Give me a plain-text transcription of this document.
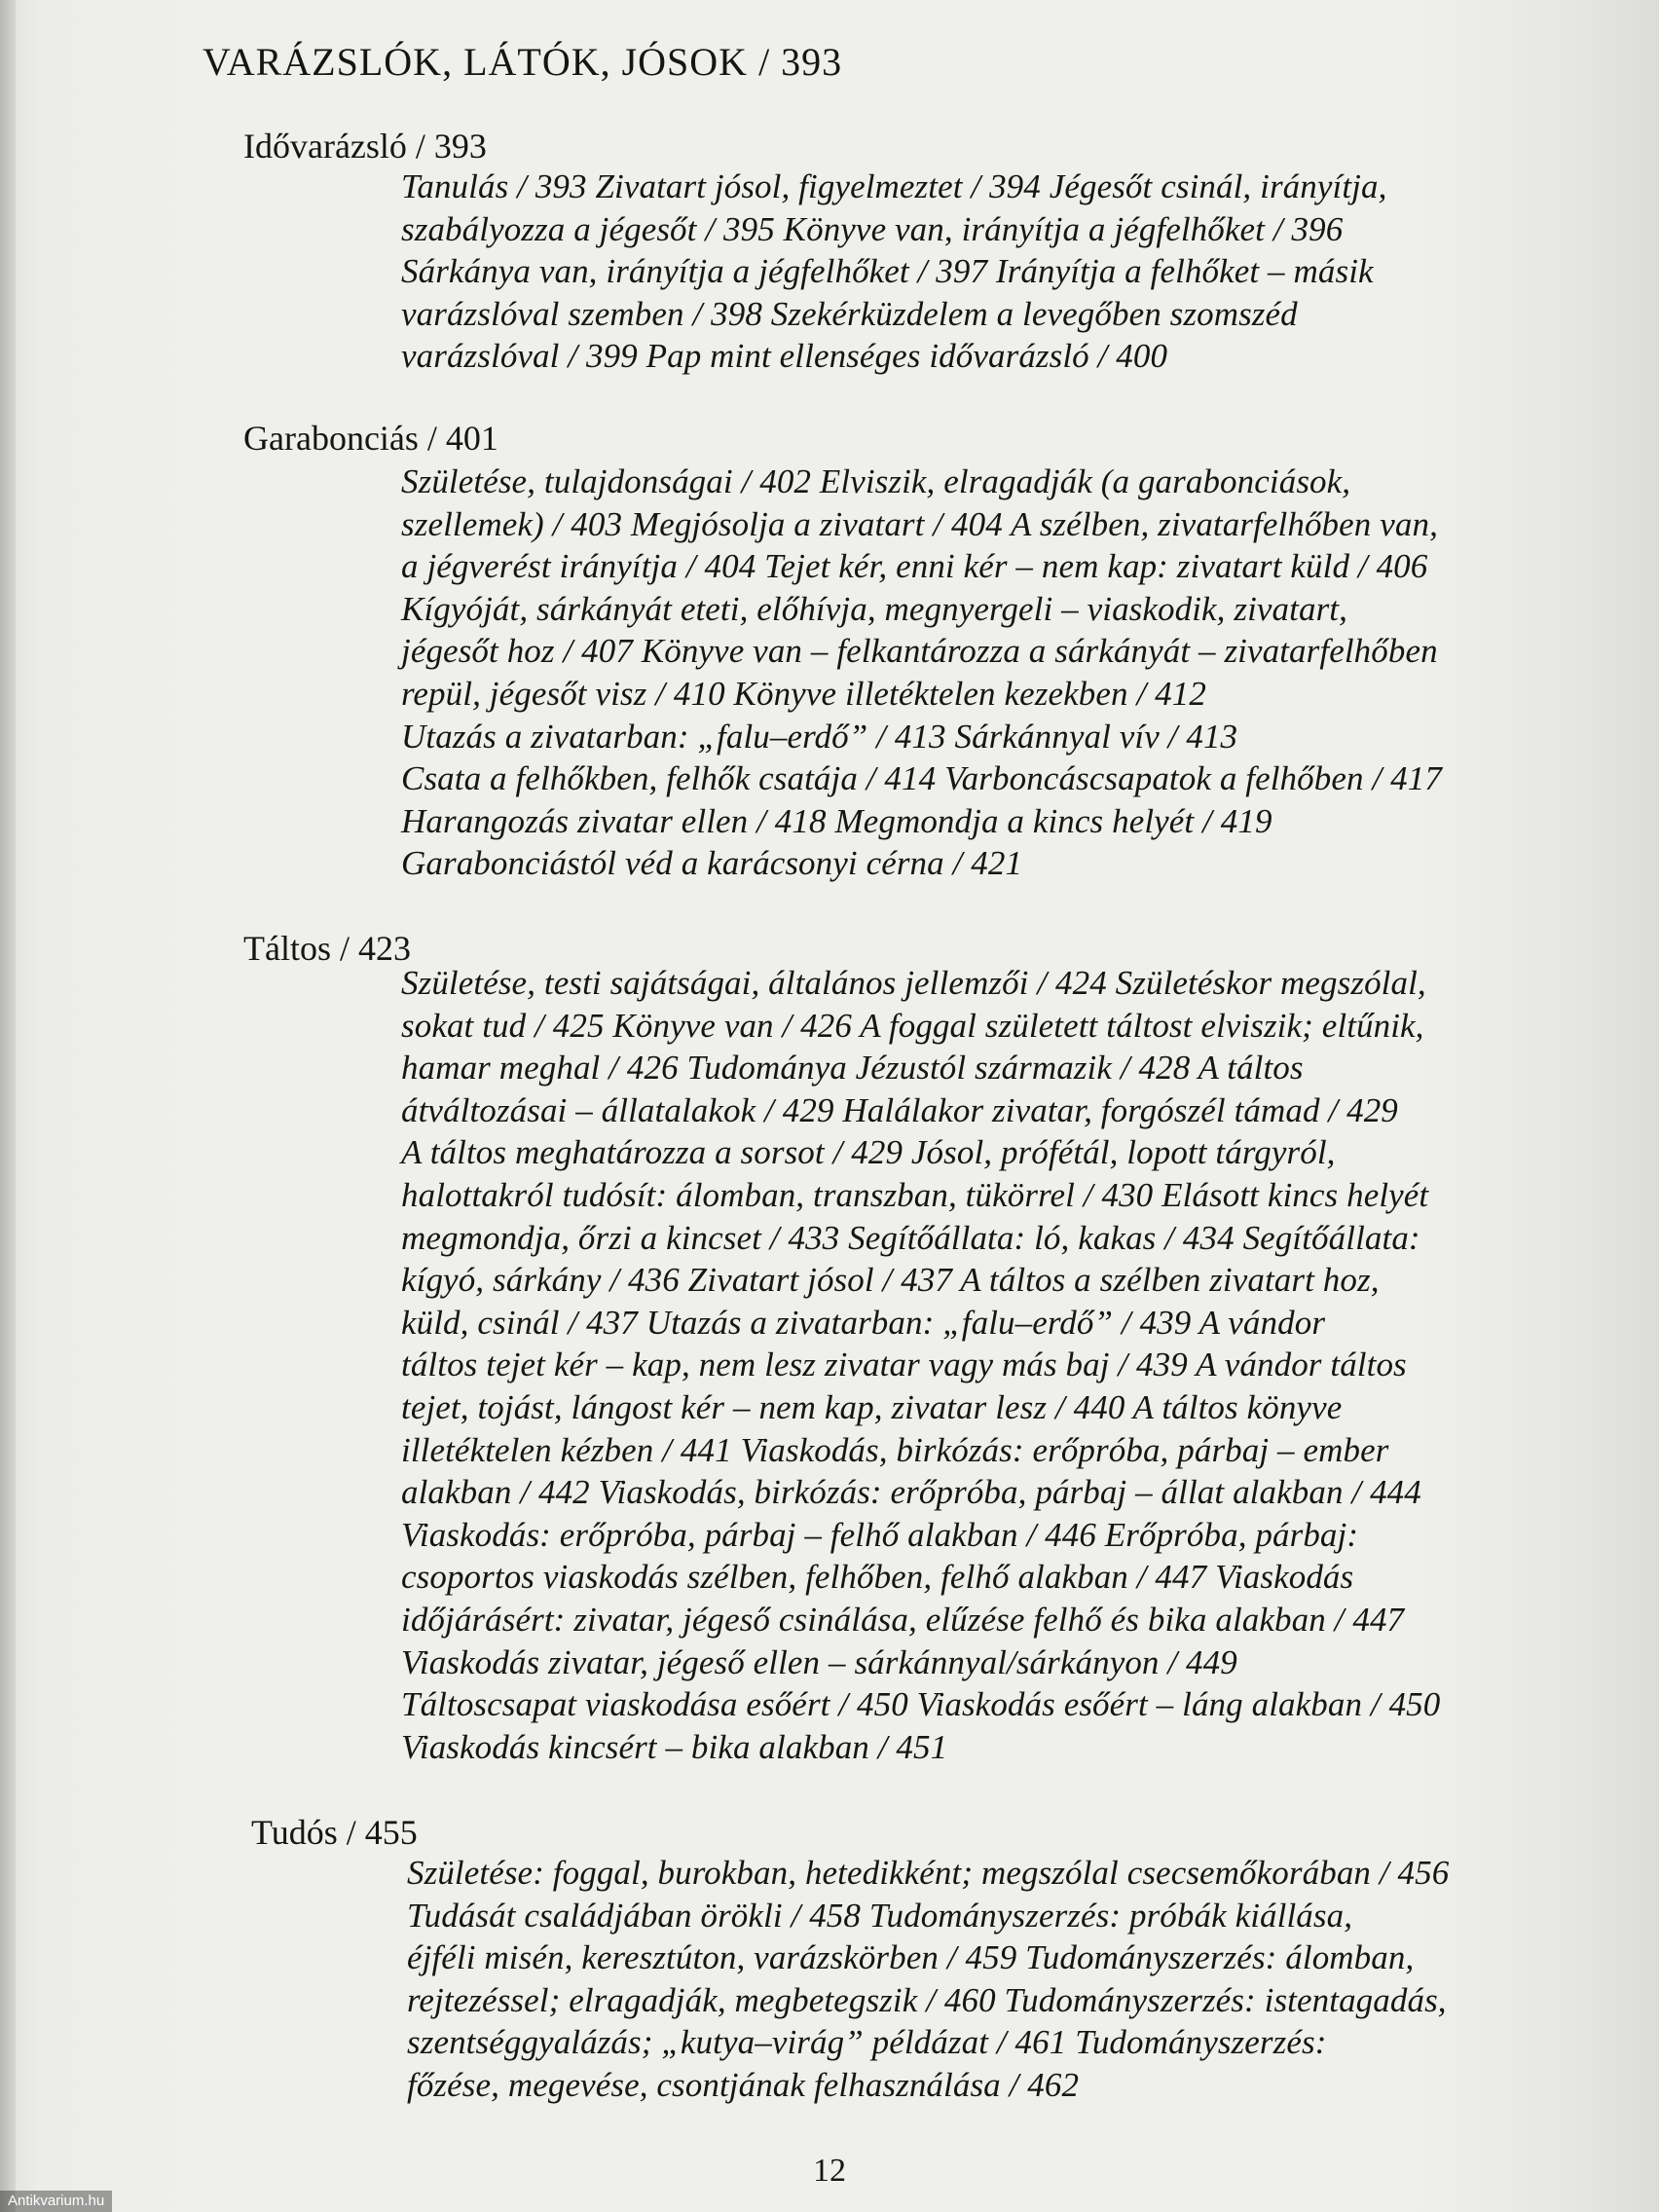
VARÁZSLÓK, LÁTÓK, JÓSOK / 393
Idővarázsló / 393
Tanulás / 393 Zivatart jósol, figyelmeztet / 394 Jégesőt csinál, irányítja,
szabályozza a jégesőt / 395 Könyve van, irányítja a jégfelhőket / 396
Sárkánya van, irányítja a jégfelhőket / 397 Irányítja a felhőket – másik
varázslóval szemben / 398 Szekérküzdelem a levegőben szomszéd
varázslóval / 399 Pap mint ellenséges idővarázsló / 400
Garabonciás / 401
Születése, tulajdonságai / 402 Elviszik, elragadják (a garabonciások,
szellemek) / 403 Megjósolja a zivatart / 404 A szélben, zivatarfelhőben van,
a jégverést irányítja / 404 Tejet kér, enni kér – nem kap: zivatart küld / 406
Kígyóját, sárkányát eteti, előhívja, megnyergeli – viaskodik, zivatart,
jégesőt hoz / 407 Könyve van – felkantározza a sárkányát – zivatarfelhőben
repül, jégesőt visz / 410 Könyve illetéktelen kezekben / 412
Utazás a zivatarban: „falu–erdő” / 413 Sárkánnyal vív / 413
Csata a felhőkben, felhők csatája / 414 Varboncáscsapatok a felhőben / 417
Harangozás zivatar ellen / 418 Megmondja a kincs helyét / 419
Garabonciástól véd a karácsonyi cérna / 421
Táltos / 423
Születése, testi sajátságai, általános jellemzői / 424 Születéskor megszólal,
sokat tud / 425 Könyve van / 426 A foggal született táltost elviszik; eltűnik,
hamar meghal / 426 Tudománya Jézustól származik / 428 A táltos
átváltozásai – állatalakok / 429 Halálakor zivatar, forgószél támad / 429
A táltos meghatározza a sorsot / 429 Jósol, prófétál, lopott tárgyról,
halottakról tudósít: álomban, transzban, tükörrel / 430 Elásott kincs helyét
megmondja, őrzi a kincset / 433 Segítőállata: ló, kakas / 434 Segítőállata:
kígyó, sárkány / 436 Zivatart jósol / 437 A táltos a szélben zivatart hoz,
küld, csinál / 437 Utazás a zivatarban: „falu–erdő” / 439 A vándor
táltos tejet kér – kap, nem lesz zivatar vagy más baj / 439 A vándor táltos
tejet, tojást, lángost kér – nem kap, zivatar lesz / 440 A táltos könyve
illetéktelen kézben / 441 Viaskodás, birkózás: erőpróba, párbaj – ember
alakban / 442 Viaskodás, birkózás: erőpróba, párbaj – állat alakban / 444
Viaskodás: erőpróba, párbaj – felhő alakban / 446 Erőpróba, párbaj:
csoportos viaskodás szélben, felhőben, felhő alakban / 447 Viaskodás
időjárásért: zivatar, jégeső csinálása, elűzése felhő és bika alakban / 447
Viaskodás zivatar, jégeső ellen – sárkánnyal/sárkányon / 449
Táltoscsapat viaskodása esőért / 450 Viaskodás esőért – láng alakban / 450
Viaskodás kincsért – bika alakban / 451
Tudós / 455
Születése: foggal, burokban, hetedikként; megszólal csecsemőkorában / 456
Tudását családjában örökli / 458 Tudományszerzés: próbák kiállása,
éjféli misén, keresztúton, varázskörben / 459 Tudományszerzés: álomban,
rejtezéssel; elragadják, megbetegszik / 460 Tudományszerzés: istentagadás,
szentséggyalázás; „kutya–virág” példázat / 461 Tudományszerzés:
főzése, megevése, csontjának felhasználása / 462
12
Antikvarium.hu
